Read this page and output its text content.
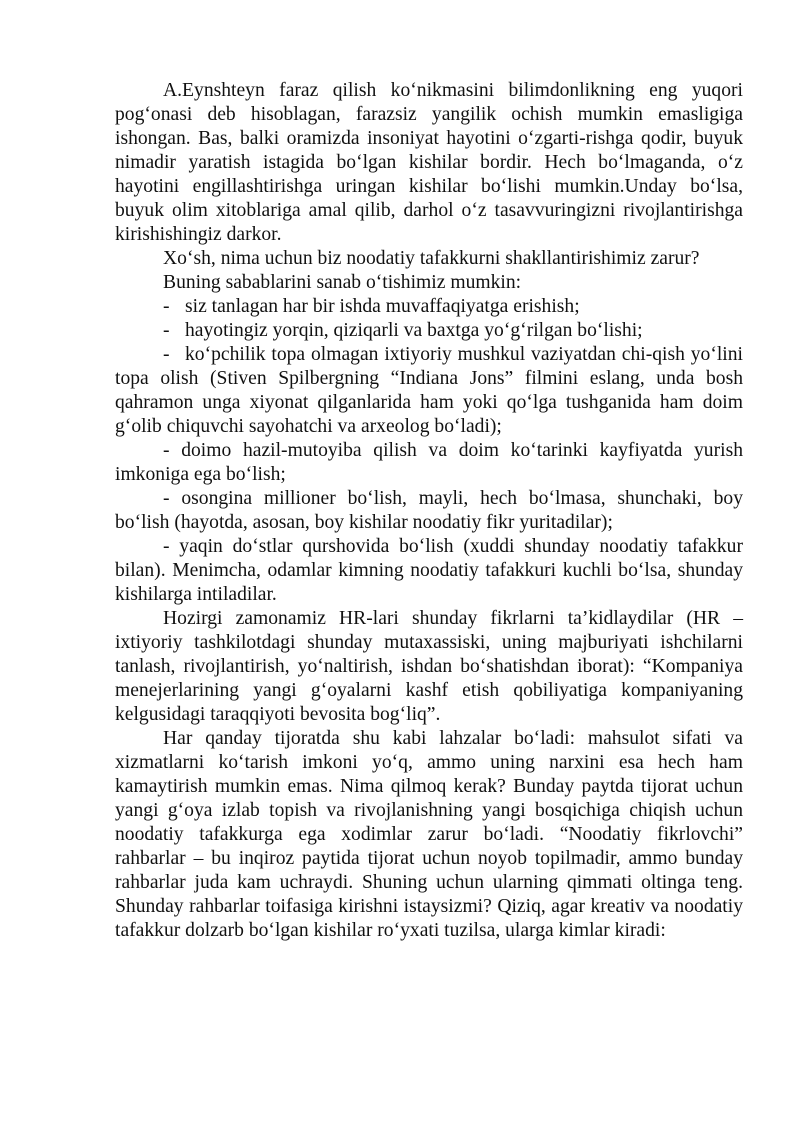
A.Eynshteyn faraz qilish ko‘nikmasini bilimdonlikning eng yuqori pog‘onasi deb hisoblagan, farazsiz yangilik ochish mumkin emasligiga ishongan. Bas, balki oramizda insoniyat hayotini o‘zgarti-rishga qodir, buyuk nimadir yaratish istagida bo‘lgan kishilar bordir. Hech bo‘lmaganda, o‘z hayotini engillashtirishga uringan kishilar bo‘lishi mumkin.Unday bo‘lsa, buyuk olim xitoblariga amal qilib, darhol o‘z tasavvuringizni rivojlantirishga kirishishingiz darkor.

Xo‘sh, nima uchun biz noodatiy tafakkurni shakllantirishimiz zarur?

Buning sabablarini sanab o‘tishimiz mumkin:

- siz tanlagan har bir ishda muvaffaqiyatga erishish;

- hayotingiz yorqin, qiziqarli va baxtga yo‘g‘rilgan bo‘lishi;

- ko‘pchilik topa olmagan ixtiyoriy mushkul vaziyatdan chi-qish yo‘lini topa olish (Stiven Spilbergning “Indiana Jons” filmini eslang, unda bosh qahramon unga xiyonat qilganlarida ham yoki qo‘lga tushganida ham doim g‘olib chiquvchi sayohatchi va arxeolog bo‘ladi);

- doimo hazil-mutoyiba qilish va doim ko‘tarinki kayfiyatda yurish imkoniga ega bo‘lish;

- osongina millioner bo‘lish, mayli, hech bo‘lmasa, shunchaki, boy bo‘lish (hayotda, asosan, boy kishilar noodatiy fikr yuritadilar);

- yaqin do‘stlar qurshovida bo‘lish (xuddi shunday noodatiy tafakkur bilan). Menimcha, odamlar kimning noodatiy tafakkuri kuchli bo‘lsa, shunday kishilarga intiladilar.

Hozirgi zamonamiz HR-lari shunday fikrlarni ta’kidlaydilar (HR – ixtiyoriy tashkilotdagi shunday mutaxassiski, uning majburiyati ishchilarni tanlash, rivojlantirish, yo‘naltirish, ishdan bo‘shatishdan iborat): “Kompaniya menejerlarining yangi g‘oyalarni kashf etish qobiliyatiga kompaniyaning kelgusidagi taraqqiyoti bevosita bog‘liq”.

Har qanday tijoratda shu kabi lahzalar bo‘ladi: mahsulot sifati va xizmatlarni ko‘tarish imkoni yo‘q, ammo uning narxini esa hech ham kamaytirish mumkin emas. Nima qilmoq kerak? Bunday paytda tijorat uchun yangi g‘oya izlab topish va rivojlanishning yangi bosqichiga chiqish uchun noodatiy tafakkurga ega xodimlar zarur bo‘ladi. “Noodatiy fikrlovchi” rahbarlar – bu inqiroz paytida tijorat uchun noyob topilmadir, ammo bunday rahbarlar juda kam uchraydi. Shuning uchun ularning qimmati oltinga teng. Shunday rahbarlar toifasiga kirishni istaysizmi? Qiziq, agar kreativ va noodatiy tafakkur dolzarb bo‘lgan kishilar ro‘yxati tuzilsa, ularga kimlar kiradi:
